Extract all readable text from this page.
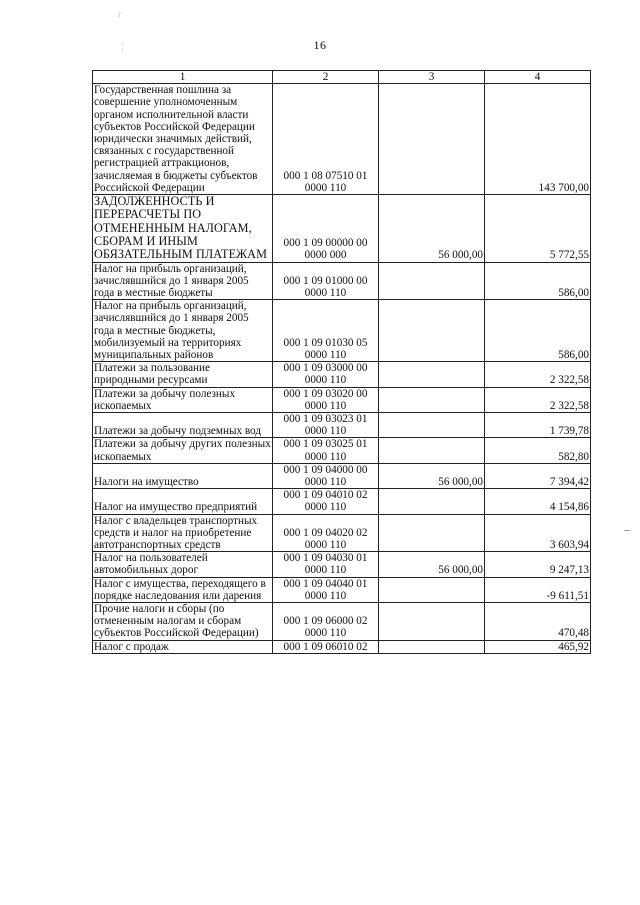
г
¦	16
1	2	3	4
Государственная пошлина за совершение уполномоченным органом исполнительной власти субъектов Российской Федерации юридически значимых действий, связанных с государственной регистрацией аттракционов, зачисляемая в бюджеты субъектов Российской Федерации	000 1 08 07510 01 0000 110		143 700,00
ЗАДОЛЖЕННОСТЬ И ПЕРЕРАСЧЕТЫ ПО ОТМЕНЕННЫМ НАЛОГАМ, СБОРАМ И ИНЫМ ОБЯЗАТЕЛЬНЫМ ПЛАТЕЖАМ	000 1 09 00000 00 0000 000	56 000,00	5 772,55
Налог на прибыль организаций, зачислявшийся до 1 января 2005 года в местные бюджеты	000 1 09 01000 00 0000 110		586,00
Налог на прибыль организаций, зачислявшийся до 1 января 2005 года в местные бюджеты, мобилизуемый на территориях муниципальных районов	000 1 09 01030 05 0000 110		586,00
Платежи за пользование природными ресурсами	000 1 09 03000 00 0000 110		2 322,58
Платежи за добычу полезных ископаемых	000 1 09 03020 00 0000 110		2 322,58
Платежи за добычу подземных вод	000 1 09 03023 01 0000 110		1 739,78
Платежи за добычу других полезных ископаемых	000 1 09 03025 01 0000 110		582,80
Налоги на имущество	000 1 09 04000 00 0000 110	56 000,00	7 394,42
Налог на имущество предприятий	000 1 09 04010 02 0000 110		4 154,86
Налог с владельцев транспортных средств и налог на приобретение автотранспортных средств	000 1 09 04020 02 0000 110		3 603,94
Налог на пользователей автомобильных дорог	000 1 09 04030 01 0000 110	56 000,00	9 247,13
Налог с имущества, переходящего в порядке наследования или дарения	000 1 09 04040 01 0000 110		-9 611,51
Прочие налоги и сборы (по отмененным налогам и сборам субъектов Российской Федерации)	000 1 09 06000 02 0000 110		470,48
Налог с продаж	000 1 09 06010 02		465,92
